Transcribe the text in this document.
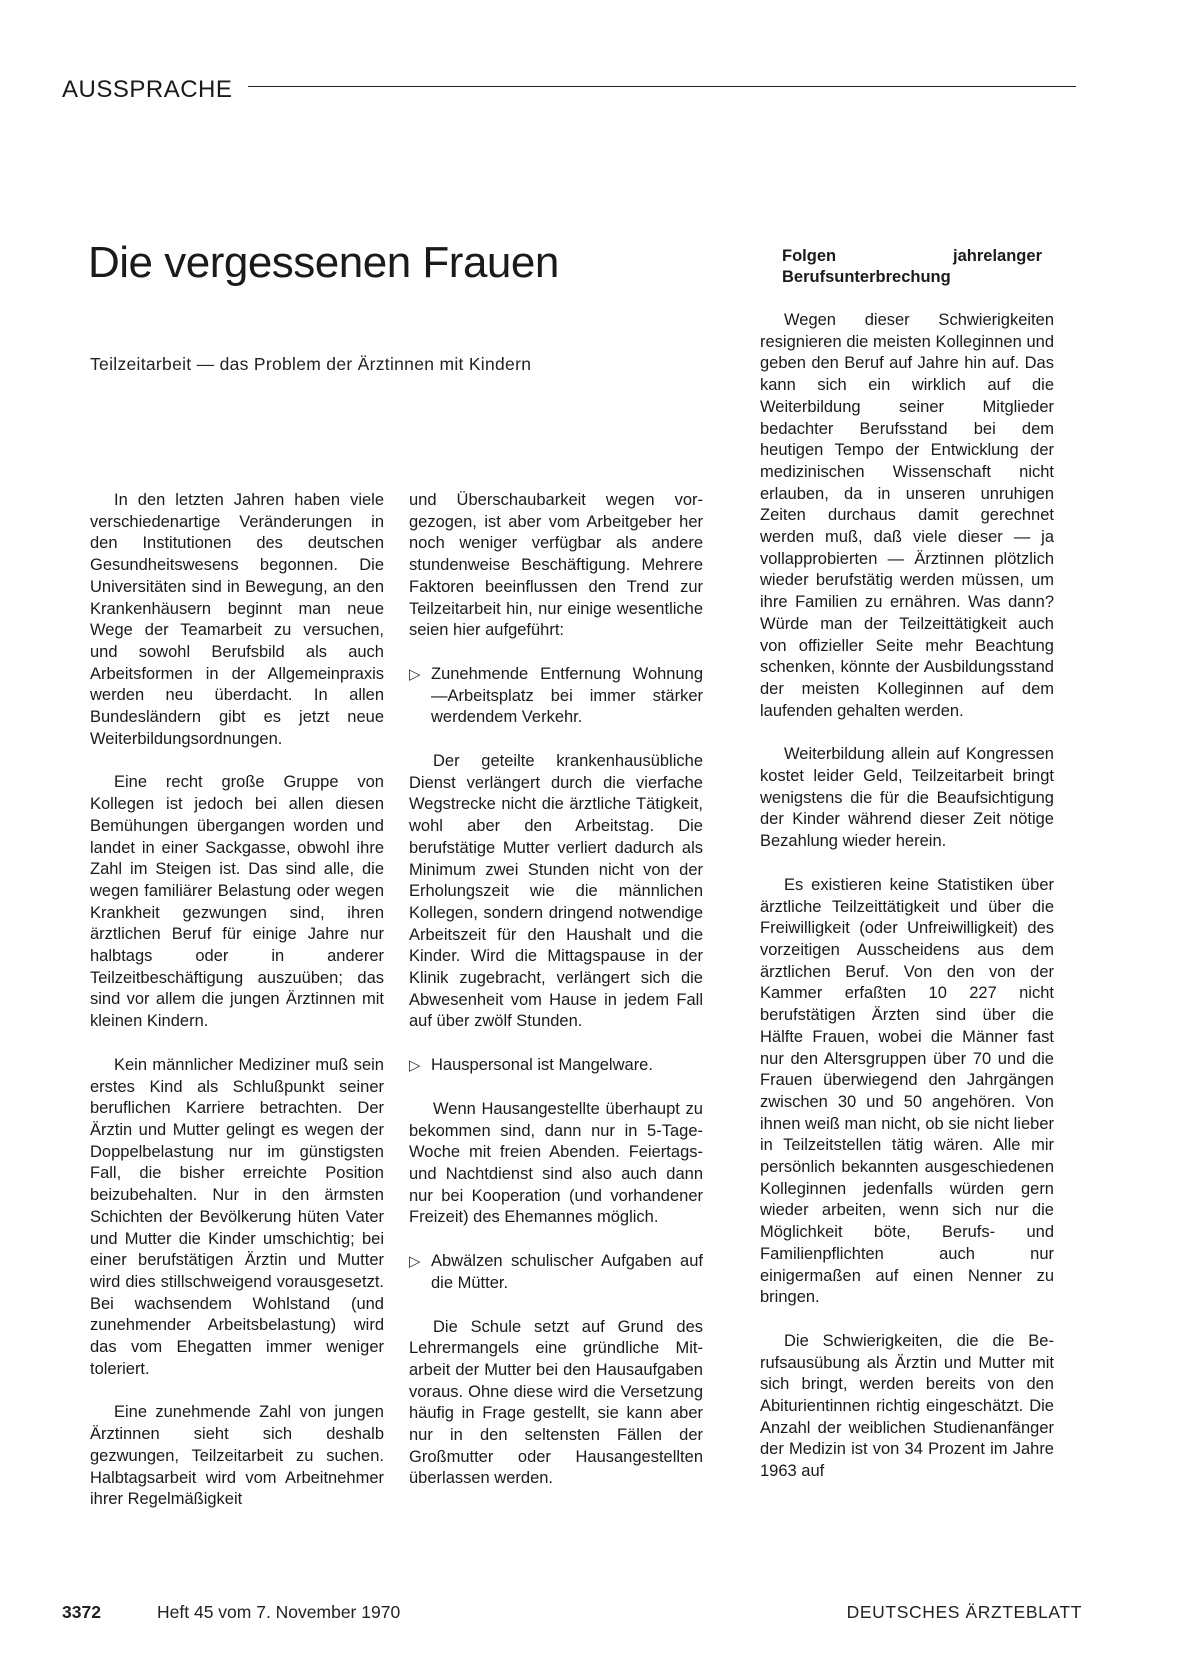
AUSSPRACHE
Die vergessenen Frauen
Teilzeitarbeit — das Problem der Ärztinnen mit Kindern

In den letzten Jahren haben viele verschiedenartige Veränderungen in den Institutionen des deutschen Gesundheitswesens begonnen. Die Universitäten sind in Bewegung, an den Krankenhäusern beginnt man neue Wege der Teamarbeit zu versuchen, und sowohl Berufsbild als auch Arbeitsformen in der Allgemeinpraxis werden neu überdacht. In allen Bundesländern gibt es jetzt neue Weiterbildungsordnungen.

Eine recht große Gruppe von Kollegen ist jedoch bei allen diesen Bemühungen übergangen worden und landet in einer Sackgasse, obwohl ihre Zahl im Steigen ist. Das sind alle, die wegen familiärer Belastung oder wegen Krankheit gezwungen sind, ihren ärztlichen Beruf für einige Jahre nur halbtags oder in anderer Teilzeitbeschäftigung auszuüben; das sind vor allem die jungen Ärztinnen mit kleinen Kindern.

Kein männlicher Mediziner muß sein erstes Kind als Schlußpunkt seiner beruflichen Karriere betrachten. Der Ärztin und Mutter gelingt es wegen der Doppelbelastung nur im günstigsten Fall, die bisher erreichte Position beizubehalten. Nur in den ärmsten Schichten der Bevölkerung hüten Vater und Mutter die Kinder umschichtig; bei einer berufstätigen Ärztin und Mutter wird dies stillschweigend vorausgesetzt. Bei wachsendem Wohlstand (und zunehmender Arbeitsbelastung) wird das vom Ehegatten immer weniger toleriert.

Eine zunehmende Zahl von jungen Ärztinnen sieht sich deshalb gezwungen, Teilzeitarbeit zu suchen. Halbtagsarbeit wird vom Arbeitnehmer ihrer Regelmäßigkeit

und Überschaubarkeit wegen vorgezogen, ist aber vom Arbeitgeber her noch weniger verfügbar als andere stundenweise Beschäftigung. Mehrere Faktoren beeinflussen den Trend zur Teilzeitarbeit hin, nur einige wesentliche seien hier aufgeführt:

▷ Zunehmende Entfernung Wohnung—Arbeitsplatz bei immer stärker werdendem Verkehr.

Der geteilte krankenhausübliche Dienst verlängert durch die vierfache Wegstrecke nicht die ärztliche Tätigkeit, wohl aber den Arbeitstag. Die berufstätige Mutter verliert dadurch als Minimum zwei Stunden nicht von der Erholungszeit wie die männlichen Kollegen, sondern dringend notwendige Arbeitszeit für den Haushalt und die Kinder. Wird die Mittagspause in der Klinik zugebracht, verlängert sich die Abwesenheit vom Hause in jedem Fall auf über zwölf Stunden.

▷ Hauspersonal ist Mangelware.

Wenn Hausangestellte überhaupt zu bekommen sind, dann nur in 5-Tage-Woche mit freien Abenden. Feiertags- und Nachtdienst sind also auch dann nur bei Kooperation (und vorhandener Freizeit) des Ehemannes möglich.

▷ Abwälzen schulischer Aufgaben auf die Mütter.

Die Schule setzt auf Grund des Lehrermangels eine gründliche Mitarbeit der Mutter bei den Hausaufgaben voraus. Ohne diese wird die Versetzung häufig in Frage gestellt, sie kann aber nur in den seltensten Fällen der Großmutter oder Hausangestellten überlassen werden.

Folgen jahrelanger Berufsunterbrechung

Wegen dieser Schwierigkeiten resignieren die meisten Kolleginnen und geben den Beruf auf Jahre hin auf. Das kann sich ein wirklich auf die Weiterbildung seiner Mitglieder bedachter Berufsstand bei dem heutigen Tempo der Entwicklung der medizinischen Wissenschaft nicht erlauben, da in unseren unruhigen Zeiten durchaus damit gerechnet werden muß, daß viele dieser — ja vollapprobierten — Ärztinnen plötzlich wieder berufstätig werden müssen, um ihre Familien zu ernähren. Was dann? Würde man der Teilzeittätigkeit auch von offizieller Seite mehr Beachtung schenken, könnte der Ausbildungsstand der meisten Kolleginnen auf dem laufenden gehalten werden.

Weiterbildung allein auf Kongressen kostet leider Geld, Teilzeitarbeit bringt wenigstens die für die Beaufsichtigung der Kinder während dieser Zeit nötige Bezahlung wieder herein.

Es existieren keine Statistiken über ärztliche Teilzeittätigkeit und über die Freiwilligkeit (oder Unfreiwilligkeit) des vorzeitigen Ausscheidens aus dem ärztlichen Beruf. Von den von der Kammer erfaßten 10 227 nicht berufstätigen Ärzten sind über die Hälfte Frauen, wobei die Männer fast nur den Altersgruppen über 70 und die Frauen überwiegend den Jahrgängen zwischen 30 und 50 angehören. Von ihnen weiß man nicht, ob sie nicht lieber in Teilzeitstellen tätig wären. Alle mir persönlich bekannten ausgeschiedenen Kolleginnen jedenfalls würden gern wieder arbeiten, wenn sich nur die Möglichkeit böte, Berufs- und Familienpflichten auch nur einigermaßen auf einen Nenner zu bringen.

Die Schwierigkeiten, die die Berufsausübung als Ärztin und Mutter mit sich bringt, werden bereits von den Abiturientinnen richtig eingeschätzt. Die Anzahl der weiblichen Studienanfänger der Medizin ist von 34 Prozent im Jahre 1963 auf

3372	Heft 45 vom 7. November 1970	DEUTSCHES ÄRZTEBLATT
